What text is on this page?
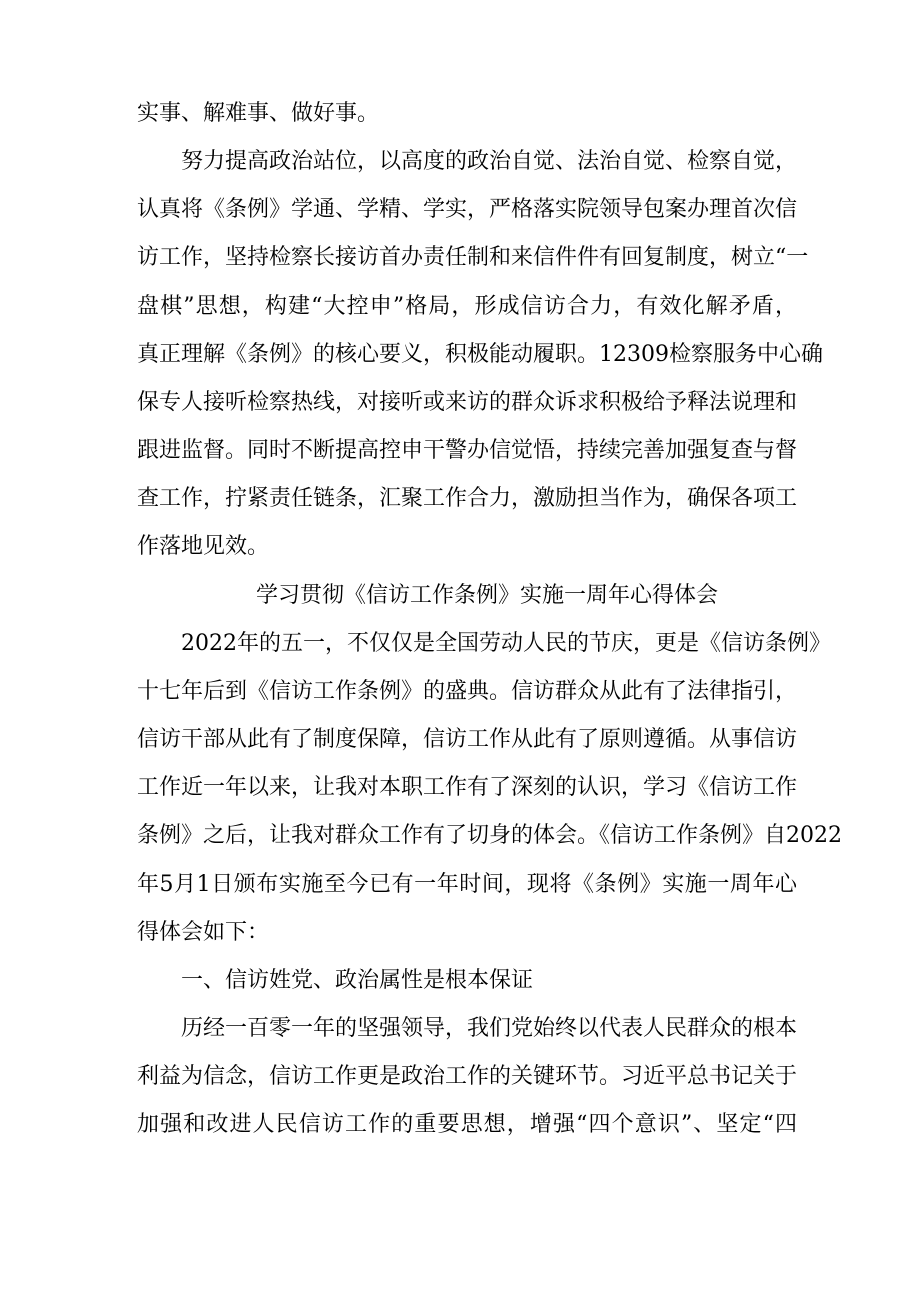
实事、解难事、做好事。
努力提高政治站位，以高度的政治自觉、法治自觉、检察自觉，
认真将《条例》学通、学精、学实，严格落实院领导包案办理首次信
访工作，坚持检察长接访首办责任制和来信件件有回复制度，树立“一
盘棋”思想，构建“大控申”格局，形成信访合力，有效化解矛盾，
真正理解《条例》的核心要义，积极能动履职。12309检察服务中心确
保专人接听检察热线，对接听或来访的群众诉求积极给予释法说理和
跟进监督。同时不断提高控申干警办信觉悟，持续完善加强复查与督
查工作，拧紧责任链条，汇聚工作合力，激励担当作为，确保各项工
作落地见效。
学习贯彻《信访工作条例》实施一周年心得体会
2022年的五一，不仅仅是全国劳动人民的节庆，更是《信访条例》
十七年后到《信访工作条例》的盛典。信访群众从此有了法律指引，
信访干部从此有了制度保障，信访工作从此有了原则遵循。从事信访
工作近一年以来，让我对本职工作有了深刻的认识，学习《信访工作
条例》之后，让我对群众工作有了切身的体会。《信访工作条例》自2022
年5月1日颁布实施至今已有一年时间，现将《条例》实施一周年心
得体会如下：
一、信访姓党、政治属性是根本保证
历经一百零一年的坚强领导，我们党始终以代表人民群众的根本
利益为信念，信访工作更是政治工作的关键环节。习近平总书记关于
加强和改进人民信访工作的重要思想，增强“四个意识”、坚定“四
